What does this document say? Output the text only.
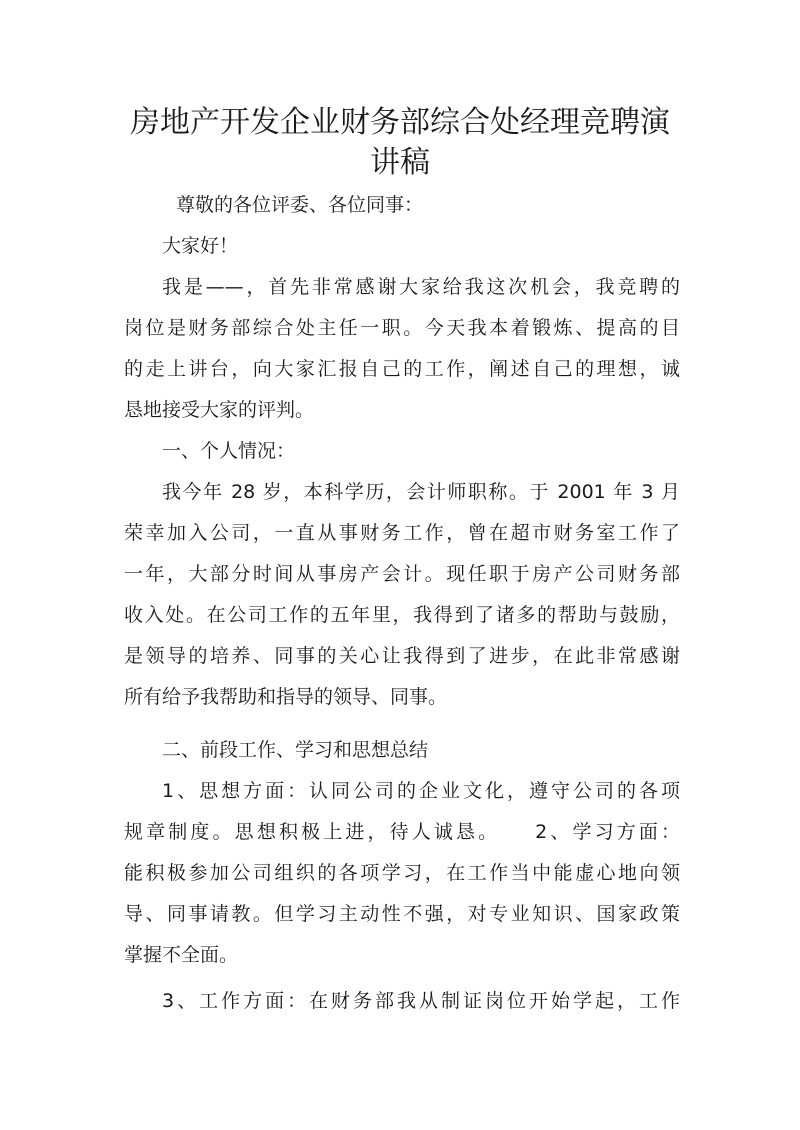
房地产开发企业财务部综合处经理竞聘演
讲稿
尊敬的各位评委、各位同事：
大家好！
我是——，首先非常感谢大家给我这次机会，我竞聘的
岗位是财务部综合处主任一职。今天我本着锻炼、提高的目
的走上讲台，向大家汇报自己的工作，阐述自己的理想，诚
恳地接受大家的评判。
一、个人情况：
我今年 28 岁，本科学历，会计师职称。于 2001 年 3 月
荣幸加入公司，一直从事财务工作，曾在超市财务室工作了
一年，大部分时间从事房产会计。现任职于房产公司财务部
收入处。在公司工作的五年里，我得到了诸多的帮助与鼓励，
是领导的培养、同事的关心让我得到了进步，在此非常感谢
所有给予我帮助和指导的领导、同事。
二、前段工作、学习和思想总结
1、思想方面：认同公司的企业文化，遵守公司的各项
规章制度。思想积极上进，待人诚恳。　　2、学习方面：
能积极参加公司组织的各项学习，在工作当中能虚心地向领
导、同事请教。但学习主动性不强，对专业知识、国家政策
掌握不全面。
3、工作方面：在财务部我从制证岗位开始学起，工作
